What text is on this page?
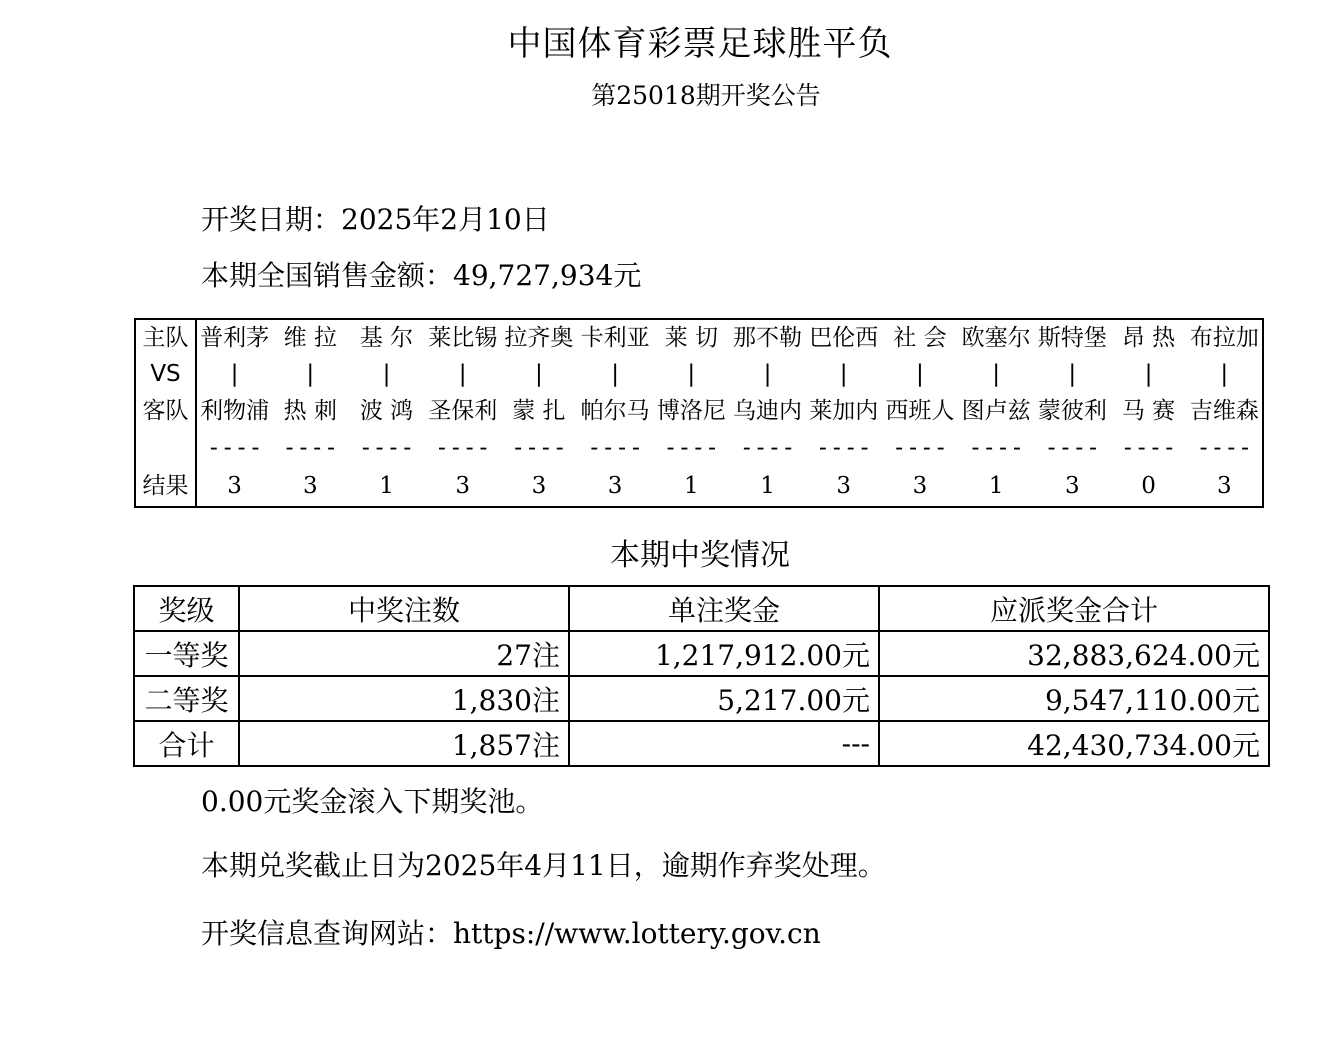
中国体育彩票足球胜平负
第25018期开奖公告
开奖日期：2025年2月10日
本期全国销售金额：49,727,934元
主队	普利茅	维 拉	基 尔	莱比锡	拉齐奥	卡利亚	莱 切	那不勒	巴伦西	社 会	欧塞尔	斯特堡	昂 热	布拉加
VS	|	|	|	|	|	|	|	|	|	|	|	|	|	|
客队	利物浦	热 刺	波 鸿	圣保利	蒙 扎	帕尔马	博洛尼	乌迪内	莱加内	西班人	图卢兹	蒙彼利	马 赛	吉维森
	----	----	----	----	----	----	----	----	----	----	----	----	----	----
结果	3	3	1	3	3	3	1	1	3	3	1	3	0	3
本期中奖情况
奖级	中奖注数	单注奖金	应派奖金合计
一等奖	27注	1,217,912.00元	32,883,624.00元
二等奖	1,830注	5,217.00元	9,547,110.00元
合计	1,857注	---	42,430,734.00元
0.00元奖金滚入下期奖池。
本期兑奖截止日为2025年4月11日，逾期作弃奖处理。
开奖信息查询网站：https://www.lottery.gov.cn
